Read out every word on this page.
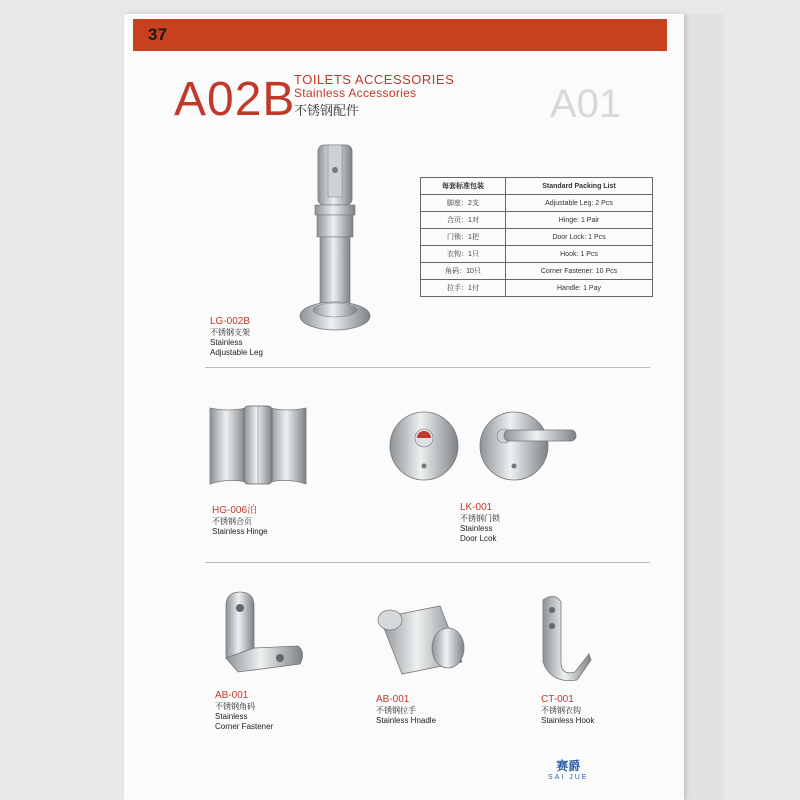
37
A01
A02B
TOILETS ACCESSORIES
Stainless Accessories
不锈钢配件
每套标准包装	Standard Packing List
脚座：2支	Adjustable Leg: 2 Pcs
合页：1对	Hinge: 1 Pair
门锁：1把	Door Lock: 1 Pcs
衣钩：1只	Hook: 1 Pcs
角码：10只	Corner Fastener: 10 Pcs
拉手：1付	Handle: 1 Pay
LG-002B
不锈钢支架
Stainless
Adjustable Leg
HG-006泊
不锈钢合页
Stainless Hinge
LK-001
不锈钢门锁
Stainless
Door Lcok
AB-001
不锈钢角码
Stainless
Corner Fastener
AB-001
不锈钢拉手
Stainless Hnadle
CT-001
不锈钢衣钩
Stainless Hook
赛爵
SAI JUE
